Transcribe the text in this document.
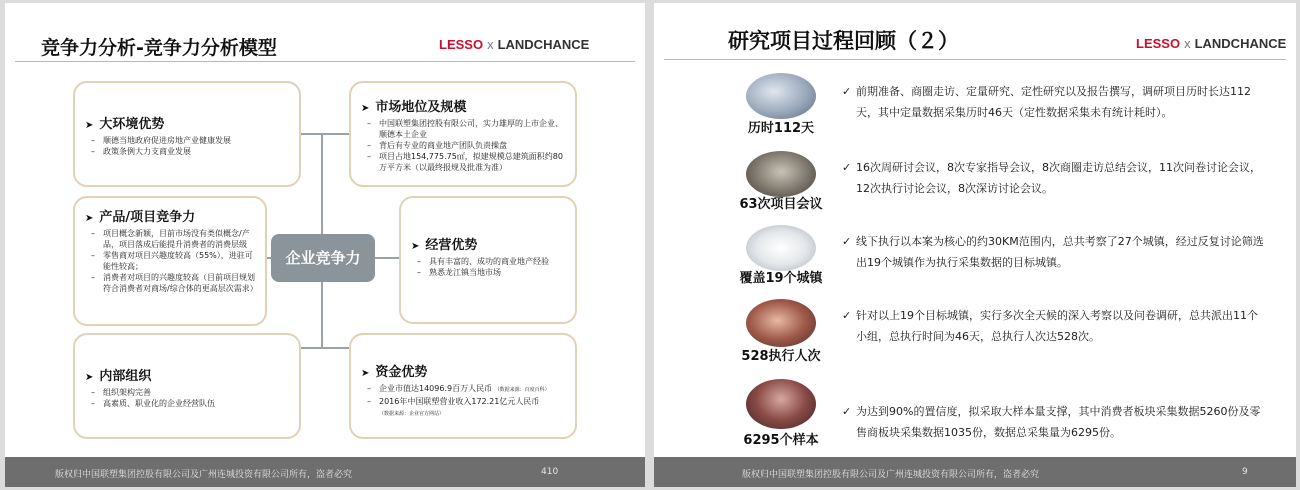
竞争力分析-竞争力分析模型	LESSO x LANDCHANCE
企业竞争力
➤ 大环境优势
– 顺德当地政府促进房地产业健康发展
– 政策条例大力支商业发展
➤ 市场地位及规模
– 中国联塑集团控股有限公司，实力雄厚的上市企业、顺德本土企业
– 背后有专业的商业地产团队负责操盘
– 项目占地154,775.75㎡，拟建规模总建筑面积约80万平方米（以最终报规及批准为准）
➤ 产品/项目竞争力
– 项目概念新颖，目前市场没有类似概念/产品，项目落成后能提升消费者的消费层级
– 零售商对项目兴趣度较高（55%），进驻可能性较高；
– 消费者对项目的兴趣度较高（目前项目规划符合消费者对商场/综合体的更高层次需求）
➤ 经营优势
– 具有丰富的、成功的商业地产经验
– 熟悉龙江镇当地市场
➤ 内部组织
– 组织架构完善
– 高素质、职业化的企业经营队伍
➤ 资金优势
– 企业市值达14096.9百万人民币 （数据来源：百度百科）
– 2016年中国联塑营业收入172.21亿元人民币
（数据来源：企业官方网站）
版权归中国联塑集团控股有限公司及广州连城投资有限公司所有，盗者必究	410
研究项目过程回顾（２）	LESSO x LANDCHANCE
历时112天
✓ 前期准备、商圈走访、定量研究、定性研究以及报告撰写，调研项目历时长达112天，其中定量数据采集历时46天（定性数据采集未有统计耗时）。
63次项目会议
✓ 16次周研讨会议，8次专家指导会议，8次商圈走访总结会议，11次问卷讨论会议，12次执行讨论会议，8次深访讨论会议。
覆盖19个城镇
✓ 线下执行以本案为核心的约30KM范围内，总共考察了27个城镇，经过反复讨论筛选出19个城镇作为执行采集数据的目标城镇。
528执行人次
✓ 针对以上19个目标城镇，实行多次全天候的深入考察以及问卷调研，总共派出11个小组，总执行时间为46天，总执行人次达528次。
6295个样本
✓ 为达到90%的置信度，拟采取大样本量支撑，其中消费者板块采集数据5260份及零售商板块采集数据1035份，数据总采集量为6295份。
版权归中国联塑集团控股有限公司及广州连城投资有限公司所有，盗者必究	9
